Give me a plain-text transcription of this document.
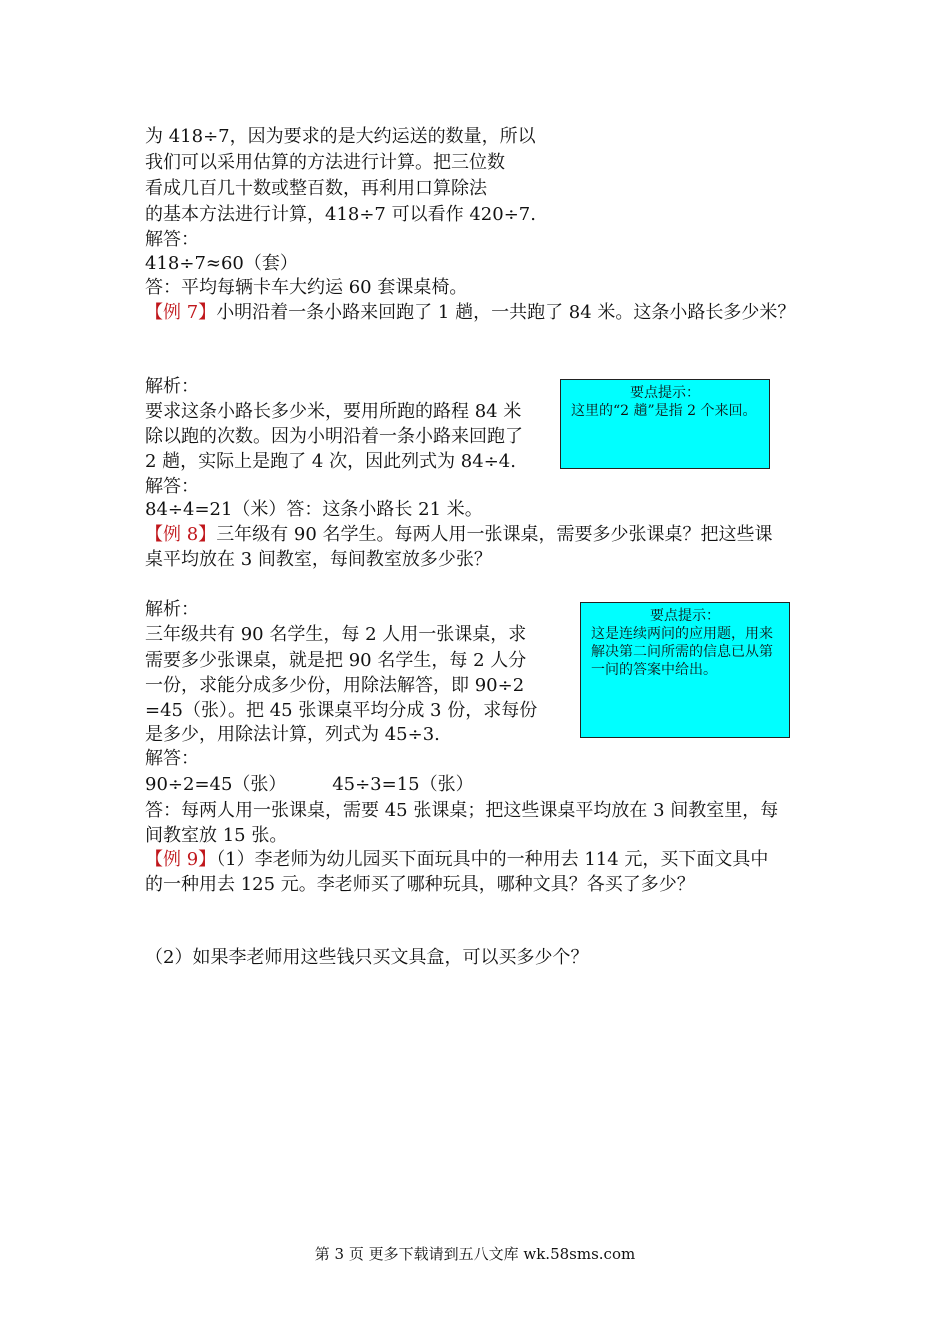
为 418÷7，因为要求的是大约运送的数量，所以
我们可以采用估算的方法进行计算。把三位数
看成几百几十数或整百数，再利用口算除法
的基本方法进行计算，418÷7 可以看作 420÷7.
解答：
418÷7≈60（套）
答：平均每辆卡车大约运 60 套课桌椅。
【例 7】小明沿着一条小路来回跑了 1 趟，一共跑了 84 米。这条小路长多少米？
解析：
要求这条小路长多少米，要用所跑的路程 84 米
除以跑的次数。因为小明沿着一条小路来回跑了
2 趟，实际上是跑了 4 次，因此列式为 84÷4.
解答：
84÷4=21（米）答：这条小路长 21 米。
要点提示：
这里的“2 趟”是指 2 个来回。
【例 8】三年级有 90 名学生。每两人用一张课桌，需要多少张课桌？把这些课
桌平均放在 3 间教室，每间教室放多少张？
解析：
三年级共有 90 名学生，每 2 人用一张课桌，求
需要多少张课桌，就是把 90 名学生，每 2 人分
一份，求能分成多少份，用除法解答，即 90÷2
=45（张）。把 45 张课桌平均分成 3 份，求每份
是多少，用除法计算，列式为 45÷3.
解答：
90÷2=45（张）        45÷3=15（张）
答：每两人用一张课桌，需要 45 张课桌；把这些课桌平均放在 3 间教室里，每
间教室放 15 张。
要点提示：
这是连续两问的应用题，用来解决第二问所需的信息已从第一问的答案中给出。
【例 9】（1）李老师为幼儿园买下面玩具中的一种用去 114 元，买下面文具中
的一种用去 125 元。李老师买了哪种玩具，哪种文具？各买了多少？
（2）如果李老师用这些钱只买文具盒，可以买多少个？
第 3 页 更多下载请到五八文库 wk.58sms.com
